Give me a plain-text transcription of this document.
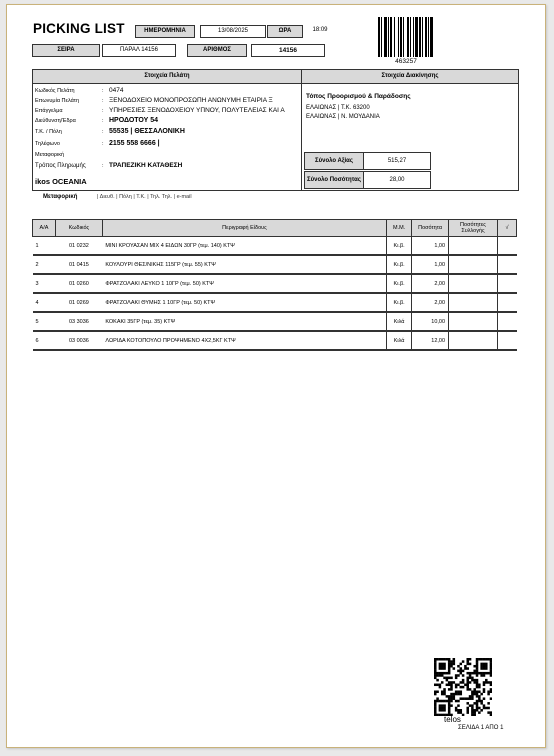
PICKING LIST	ΗΜΕΡΟΜΗΝΙΑ	13/08/2025	ΩΡΑ	18:09
ΣΕΙΡΑ	ΠΑΡΑΛ 14156	ΑΡΙΘΜΟΣ	14156
463257
Στοιχεία Πελάτη
Κωδικός Πελάτη	: 0474
Επωνυμία Πελάτη	: ΞΕΝΟΔΟΧΕΙΟ ΜΟΝΟΠΡΟΣΩΠΗ ΑΝΩΝΥΜΗ ΕΤΑΙΡΙΑ Ξ
Επάγγελμα	: ΥΠΗΡΕΣΙΕΣ ΞΕΝΟΔΟΧΕΙΟΥ ΥΠΝΟΥ, ΠΟΛΥΤΕΛΕΙΑΣ ΚΑΙ Α
Διεύθυνση/Έδρα	: ΗΡΟΔΟΤΟΥ 54
Τ.Κ. / Πόλη	: 55535 | ΘΕΣΣΑΛΟΝΙΚΗ
Τηλέφωνο	: 2155 558 6666 |
Μεταφορική
Τρόπος Πληρωμής	: ΤΡΑΠΕΖΙΚΗ ΚΑΤΑΘΕΣΗ
ikos OCEANIA
Στοιχεία Διακίνησης
Τόπος Προορισμού & Παράδοσης
ΕΛΑΙΩΝΑΣ | Τ.Κ. 63200
ΕΛΑΙΩΝΑΣ | Ν. ΜΟΥΔΑΝΙΑ
Σύνολο Αξίας	515,27
Σύνολο Ποσότητας	28,00
Μεταφορική	| Διευθ. | Πόλη | Τ.Κ. | Τηλ. Τηλ. | e-mail
Α/Α	Κωδικός	Περιγραφή Είδους	Μ.Μ.	Ποσότητα	Ποσότητες Συλλογής	√
1	01 0232	ΜΙΝΙ ΚΡΟΥΑΣΑΝ ΜΙΧ 4 ΕΙΔΩΝ 30ΓΡ (τεμ. 140) ΚΤΨ	Κι.β.	1,00		
2	01 0415	ΚΟΥΛΟΥΡΙ ΘΕΣ/ΝΙΚΗΣ 115ΓΡ (τεμ. 55) ΚΤΨ	Κι.β.	1,00		
3	01 0260	ΦΡΑΤΖΟΛΑΚΙ ΛΕΥΚΟ 1 10ΓΡ (τεμ. 50) ΚΤΨ	Κι.β.	2,00		
4	01 0269	ΦΡΑΤΖΟΛΑΚΙ ΘΥΜΗΣ 1 10ΓΡ (τεμ. 50) ΚΤΨ	Κι.β.	2,00		
5	03 3036	ΚΟΚΑΚΙ 35ΓΡ (τεμ. 35) ΚΤΨ	Κιλά	10,00		
6	03 0036	ΛΩΡΙΔΑ ΚΟΤΟΠΟΥΛΟ ΠΡΟΨΗΜΕΝΟ 4Χ2,5ΚΓ ΚΤΨ	Κιλά	12,00		
telos
ΣΕΛΙΔΑ 1 ΑΠΟ 1
